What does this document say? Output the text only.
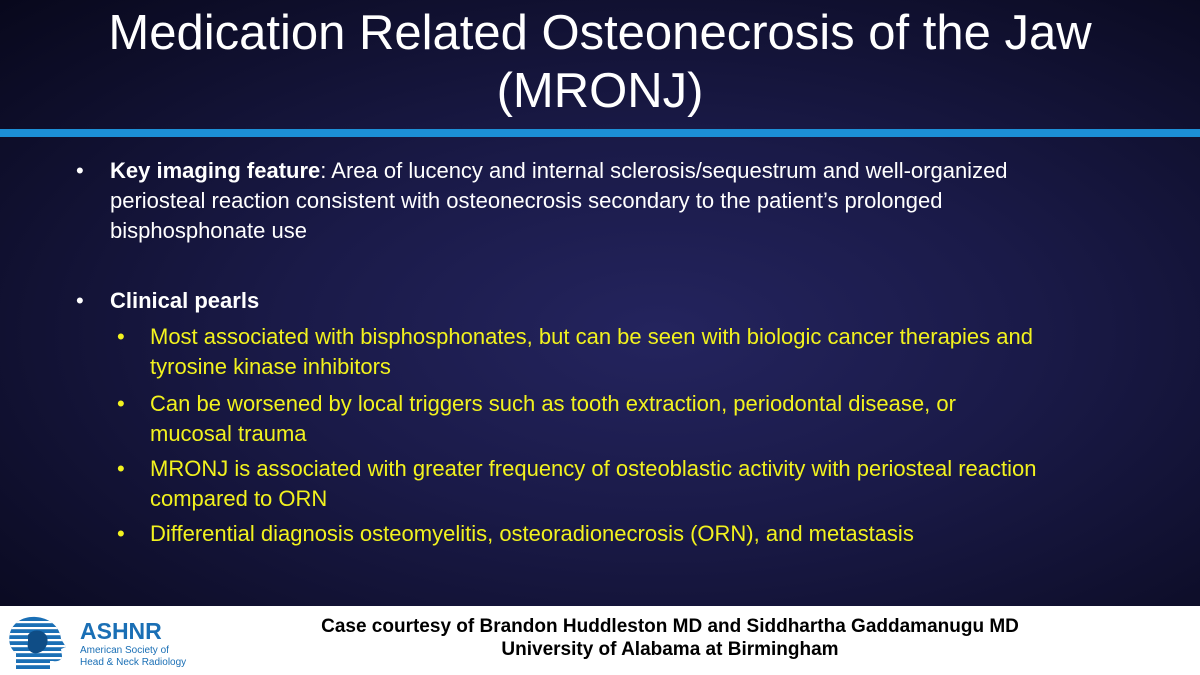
Medication Related Osteonecrosis of the Jaw
(MRONJ)
• Key imaging feature: Area of lucency and internal sclerosis/sequestrum and well-organized
periosteal reaction consistent with osteonecrosis secondary to the patient’s prolonged
bisphosphonate use
• Clinical pearls
• Most associated with bisphosphonates, but can be seen with biologic cancer therapies and
tyrosine kinase inhibitors
• Can be worsened by local triggers such as tooth extraction, periodontal disease, or
mucosal trauma
• MRONJ is associated with greater frequency of osteoblastic activity with periosteal reaction
compared to ORN
• Differential diagnosis osteomyelitis, osteoradionecrosis (ORN), and metastasis
ASHNR
American Society of
Head & Neck Radiology
Case courtesy of Brandon Huddleston MD and Siddhartha Gaddamanugu MD
University of Alabama at Birmingham
